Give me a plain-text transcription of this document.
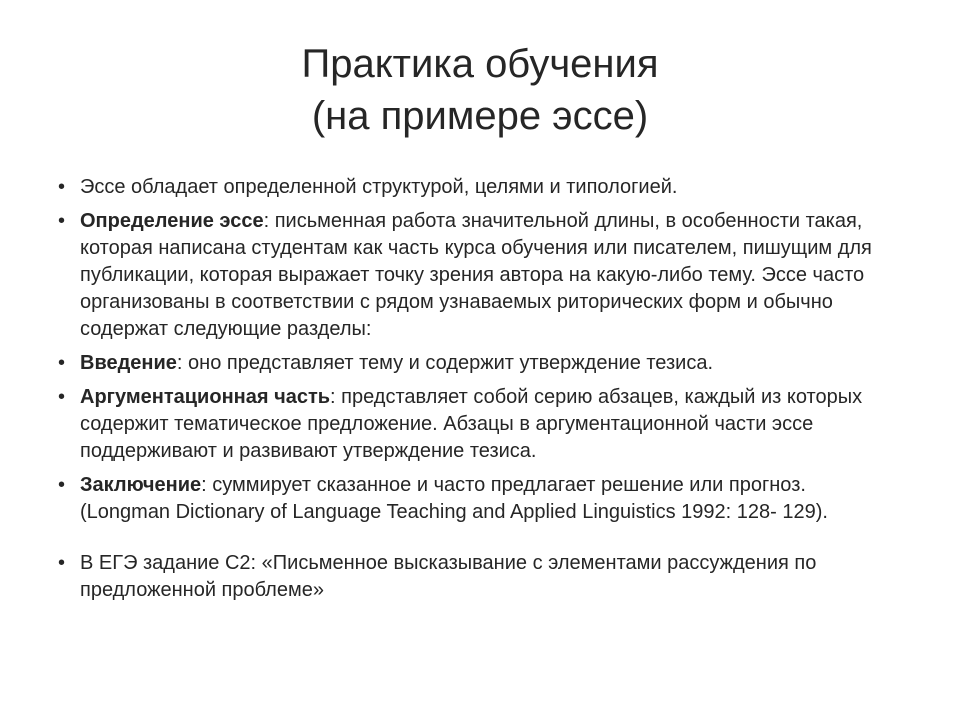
Практика обучения
(на примере эссе)
• Эссе обладает определенной структурой, целями и типологией.
• Определение эссе: письменная работа значительной длины, в особенности такая, которая написана студентам как часть курса обучения или писателем, пишущим для публикации, которая выражает точку зрения автора на какую-либо тему. Эссе часто организованы в соответствии с рядом узнаваемых риторических форм и обычно содержат следующие разделы:
• Введение: оно представляет тему и содержит утверждение тезиса.
• Аргументационная часть: представляет собой серию абзацев, каждый из которых содержит тематическое предложение. Абзацы в аргументационной части эссе поддерживают и развивают утверждение тезиса.
• Заключение: суммирует сказанное и часто предлагает решение или прогноз. (Longman Dictionary of Language Teaching and Applied Linguistics 1992: 128- 129).
• В ЕГЭ задание С2: «Письменное высказывание с элементами рассуждения по предложенной проблеме»
